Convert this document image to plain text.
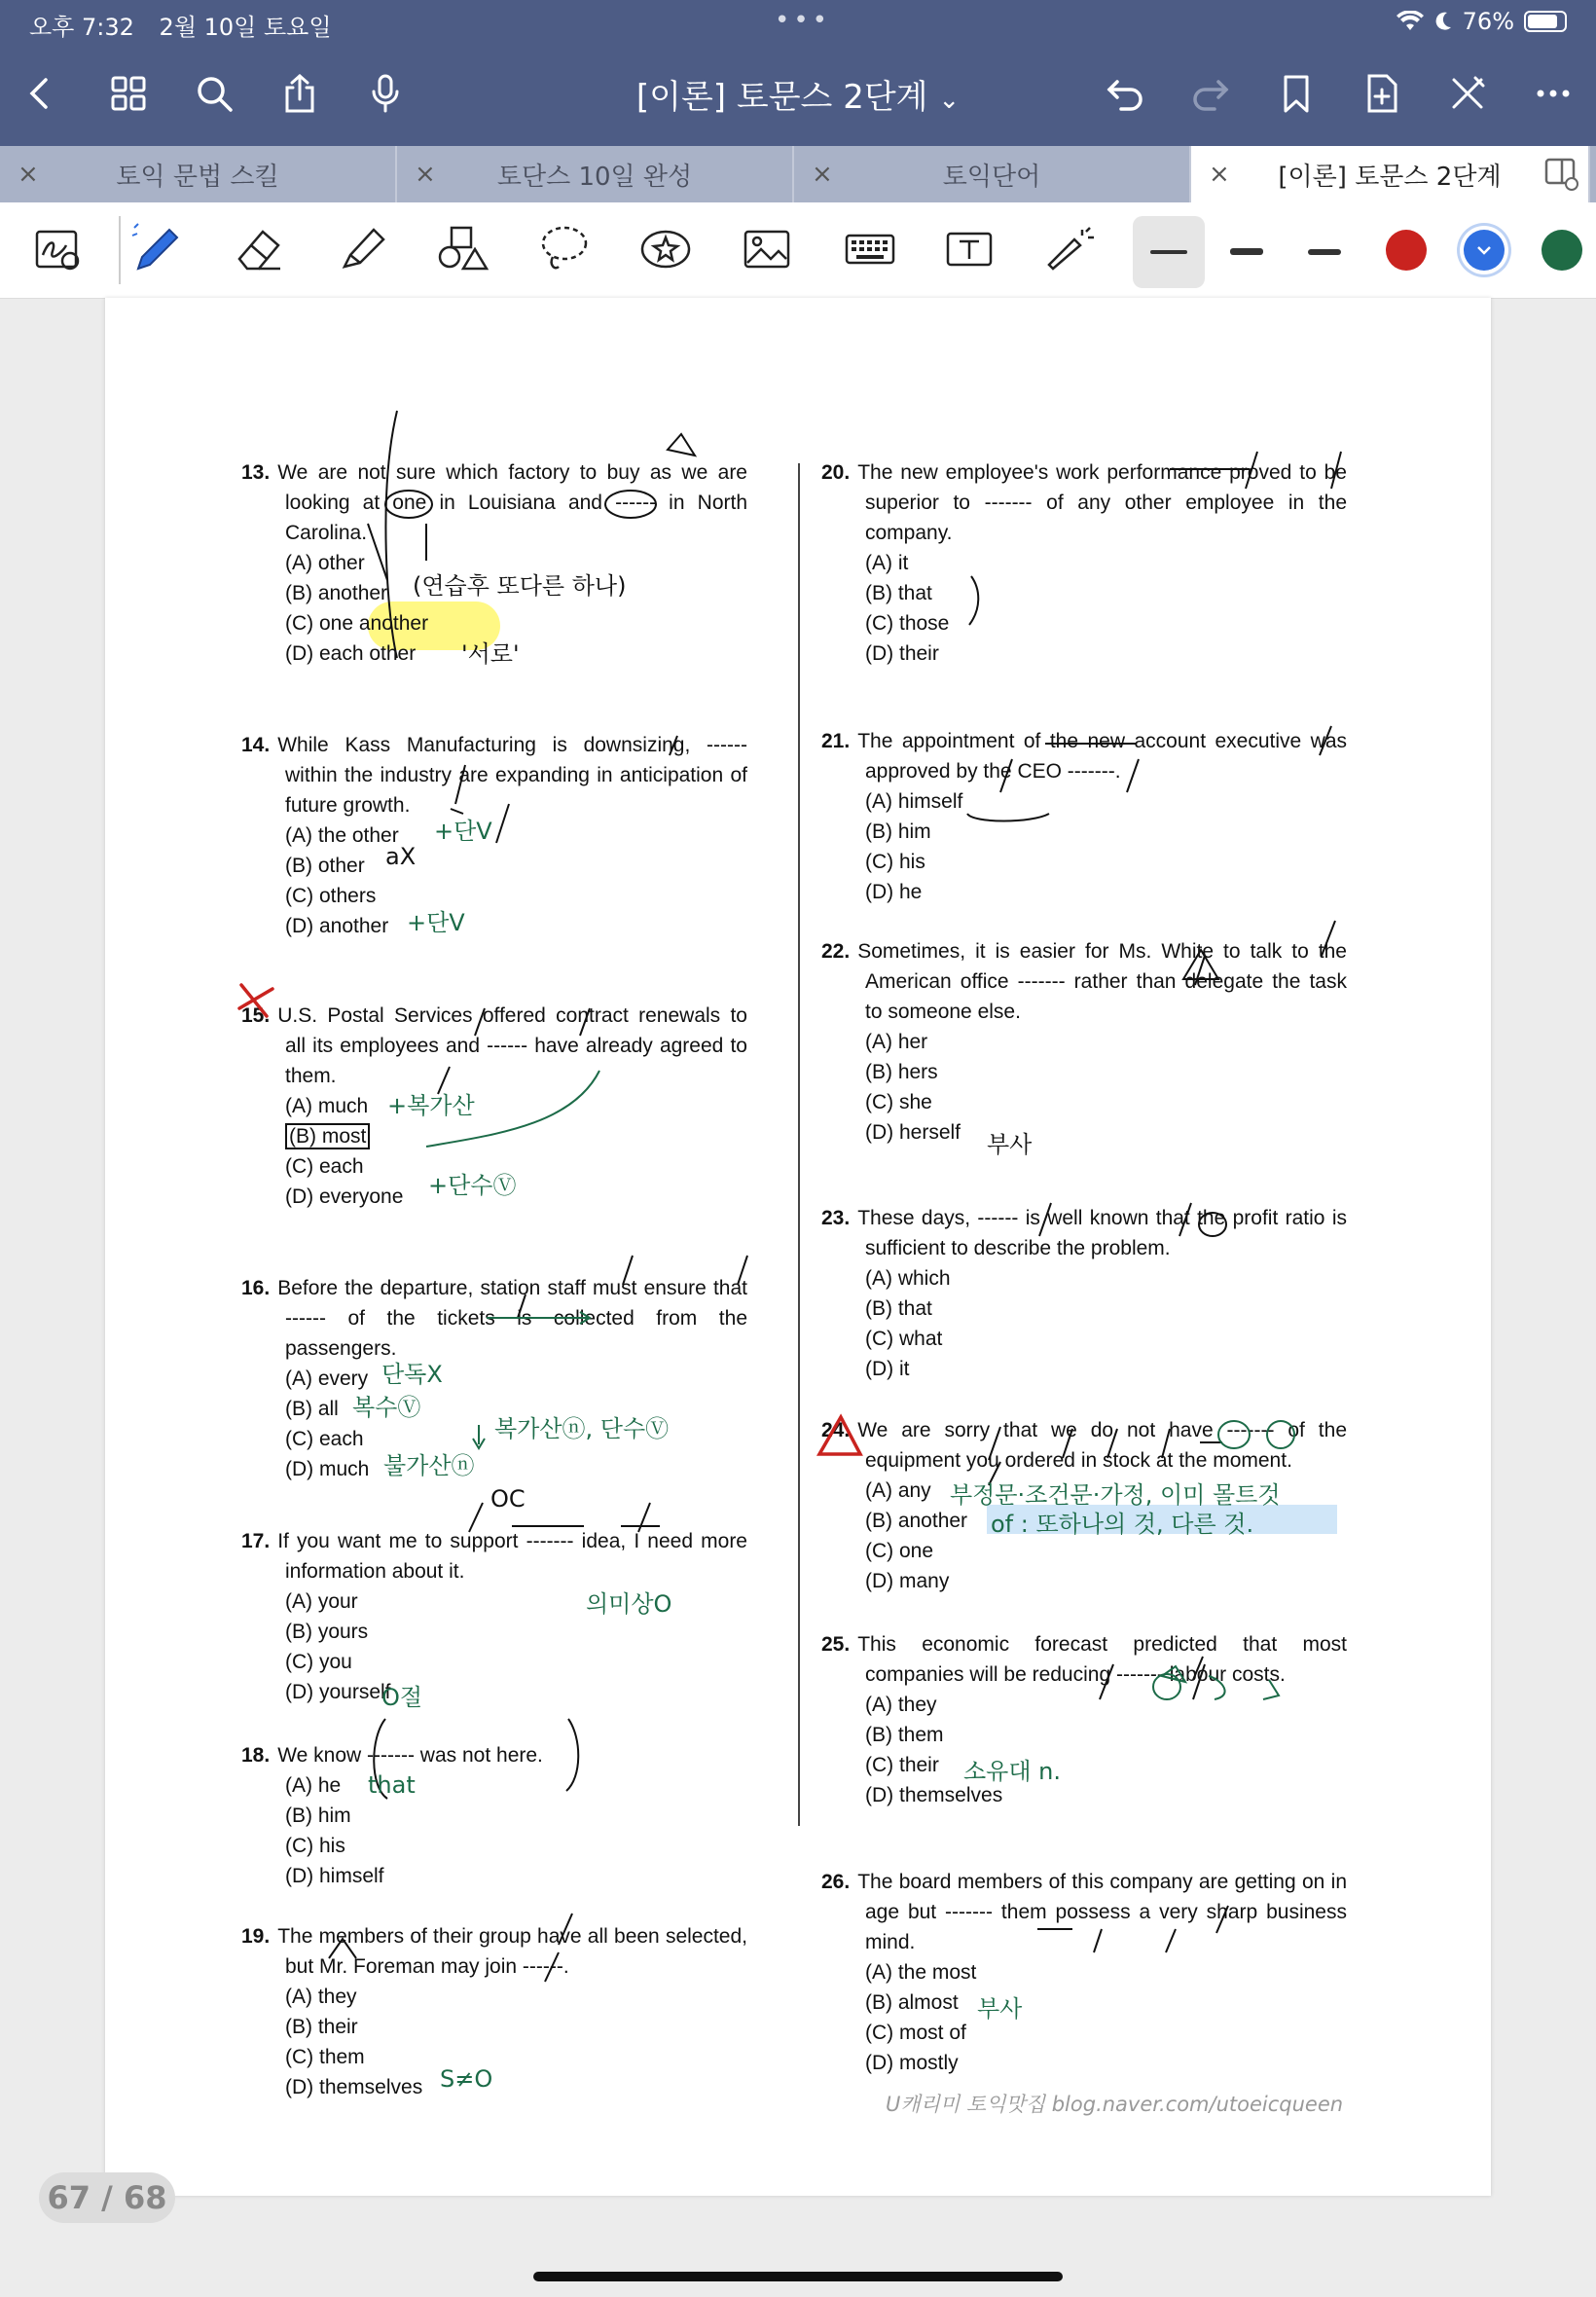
오후 7:32 2월 10일 토요일	•••	76%
[이론] 토문스 2단계 ⌄
×	토익 문법 스킬	× 토단스 10일 완성	×	토익단어	× [이론] 토문스 2단계
13. We are not sure which factory to buy as we are looking at one in Louisiana and ------ in North Carolina.
(A) other
(B) another
(C) one another
(D) each other
14. While Kass Manufacturing is downsizing, ------ within the industry are expanding in anticipation of future growth.
(A) the other
(B) other
(C) others
(D) another
15. U.S. Postal Services offered contract renewals to all its employees and ------ have already agreed to them.
(A) much
(B) most
(C) each
(D) everyone
16. Before the departure, station staff must ensure that ------ of the tickets is collected from the passengers.
(A) every
(B) all
(C) each
(D) much
17. If you want me to support ------- idea, I need more information about it.
(A) your
(B) yours
(C) you
(D) yourself
18. We know ------- was not here.
(A) he
(B) him
(C) his
(D) himself
19. The members of their group have all been selected, but Mr. Foreman may join ------.
(A) they
(B) their
(C) them
(D) themselves
20. The new employee's work performance proved to be superior to ------- of any other employee in the company.
(A) it
(B) that
(C) those
(D) their
21. The appointment of the new account executive was approved by the CEO -------.
(A) himself
(B) him
(C) his
(D) he
22. Sometimes, it is easier for Ms. White to talk to the American office ------- rather than delegate the task to someone else.
(A) her
(B) hers
(C) she
(D) herself
23. These days, ------ is well known that the profit ratio is sufficient to describe the problem.
(A) which
(B) that
(C) what
(D) it
24. We are sorry that we do not have ------- of the equipment you ordered in stock at the moment.
(A) any
(B) another
(C) one
(D) many
25. This economic forecast predicted that most companies will be reducing ------- labour costs.
(A) they
(B) them
(C) their
(D) themselves
26. The board members of this company are getting on in age but ------- them possess a very sharp business mind.
(A) the most
(B) almost
(C) most of
(D) mostly
(연습후 또다른 하나)
'서로'
+단V
aX
+단V
+복가산
+단수Ⓥ
단독X
복수Ⓥ
복가산ⓝ, 단수Ⓥ
불가산ⓝ
OC
의미상O
O절
that
S≠O
부사
부정문·조건문·가정, 이미 몰트것
of : 또하나의 것, 다른 것.
소유대 n.
부사
U캐리미 토익맛집 blog.naver.com/utoeicqueen
67 / 68
